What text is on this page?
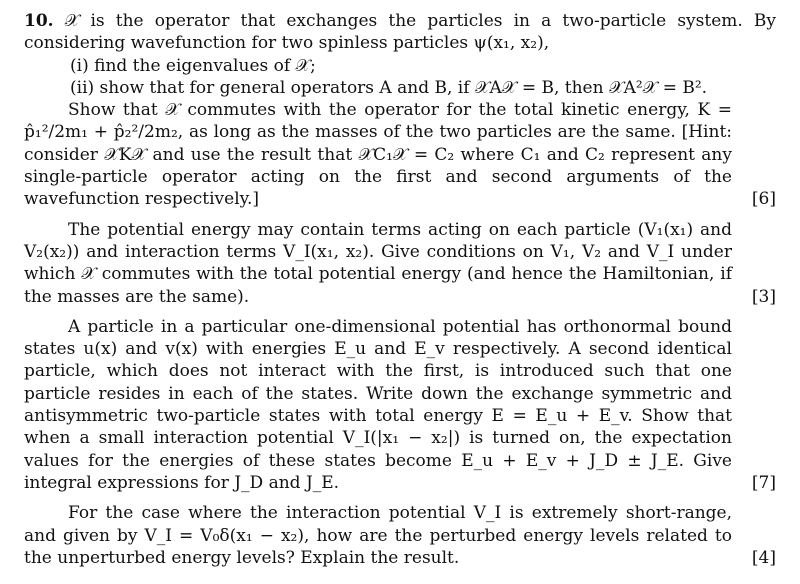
10. 𝒳 is the operator that exchanges the particles in a two-particle system. By considering wavefunction for two spinless particles ψ(x₁, x₂),
(i) find the eigenvalues of 𝒳;
(ii) show that for general operators A and B, if 𝒳A𝒳 = B, then 𝒳A²𝒳 = B².

Show that 𝒳 commutes with the operator for the total kinetic energy, K = p̂₁²/2m₁ + p̂₂²/2m₂, as long as the masses of the two particles are the same. [Hint: consider 𝒳K𝒳 and use the result that 𝒳C₁𝒳 = C₂ where C₁ and C₂ represent any single-particle operator acting on the first and second arguments of the wavefunction respectively.]	[6]

The potential energy may contain terms acting on each particle (V₁(x₁) and V₂(x₂)) and interaction terms V_I(x₁, x₂). Give conditions on V₁, V₂ and V_I under which 𝒳 commutes with the total potential energy (and hence the Hamiltonian, if the masses are the same).	[3]

A particle in a particular one-dimensional potential has orthonormal bound states u(x) and v(x) with energies E_u and E_v respectively. A second identical particle, which does not interact with the first, is introduced such that one particle resides in each of the states. Write down the exchange symmetric and antisymmetric two-particle states with total energy E = E_u + E_v. Show that when a small interaction potential V_I(|x₁ − x₂|) is turned on, the expectation values for the energies of these states become E_u + E_v + J_D ± J_E. Give integral expressions for J_D and J_E.	[7]

For the case where the interaction potential V_I is extremely short-range, and given by V_I = V₀δ(x₁ − x₂), how are the perturbed energy levels related to the unperturbed energy levels? Explain the result.	[4]
